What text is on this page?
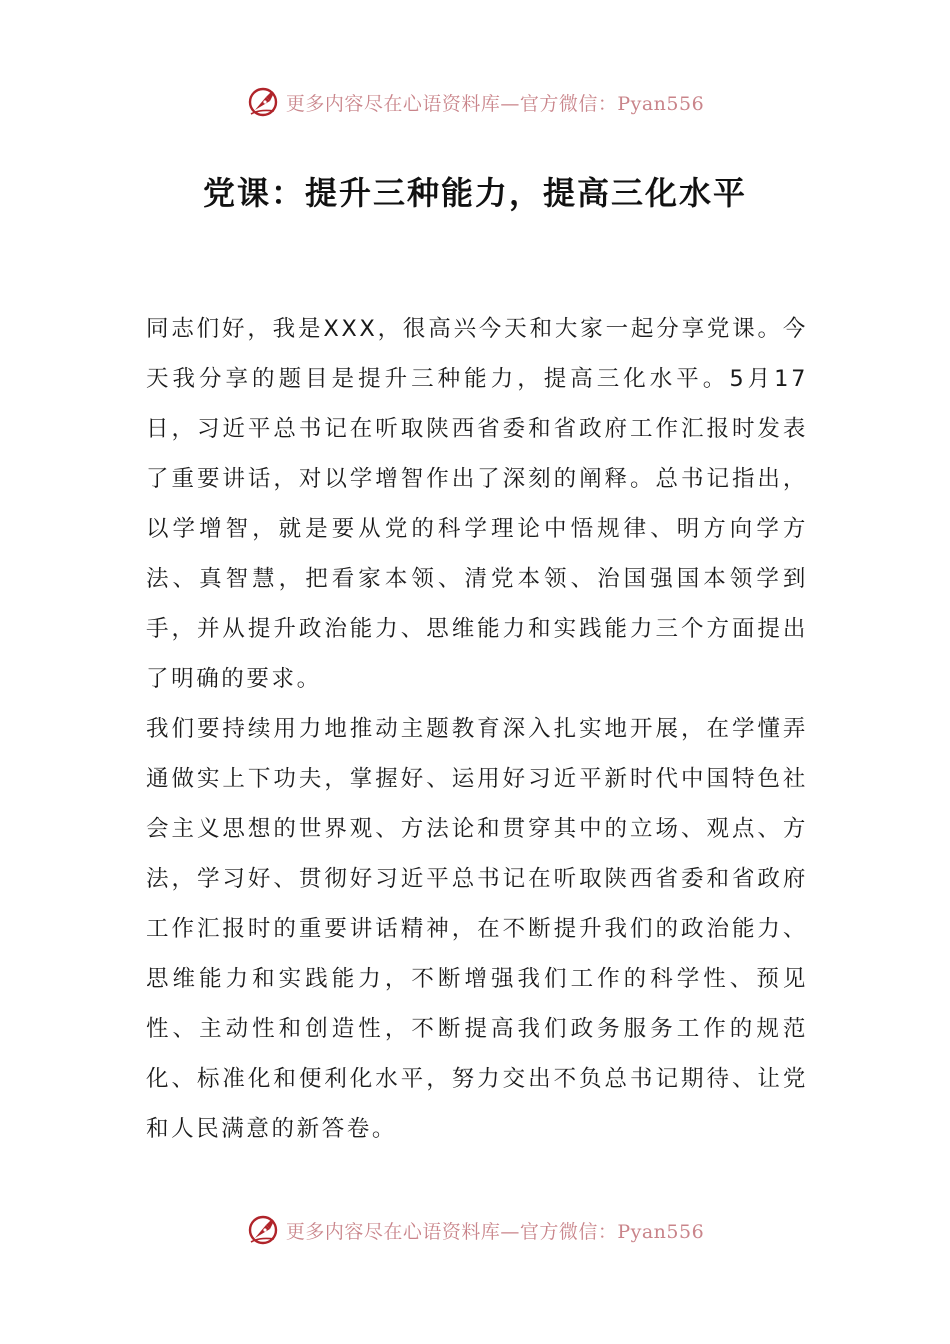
更多内容尽在心语资料库—官方微信：Pyan556
党课：提升三种能力，提高三化水平

同志们好，我是XXX，很高兴今天和大家一起分享党课。今天我分享的题目是提升三种能力，提高三化水平。5月17日，习近平总书记在听取陕西省委和省政府工作汇报时发表了重要讲话，对以学增智作出了深刻的阐释。总书记指出，以学增智，就是要从党的科学理论中悟规律、明方向学方法、真智慧，把看家本领、清党本领、治国强国本领学到手，并从提升政治能力、思维能力和实践能力三个方面提出了明确的要求。

我们要持续用力地推动主题教育深入扎实地开展，在学懂弄通做实上下功夫，掌握好、运用好习近平新时代中国特色社会主义思想的世界观、方法论和贯穿其中的立场、观点、方法，学习好、贯彻好习近平总书记在听取陕西省委和省政府工作汇报时的重要讲话精神，在不断提升我们的政治能力、思维能力和实践能力，不断增强我们工作的科学性、预见性、主动性和创造性，不断提高我们政务服务工作的规范化、标准化和便利化水平，努力交出不负总书记期待、让党和人民满意的新答卷。

更多内容尽在心语资料库—官方微信：Pyan556
